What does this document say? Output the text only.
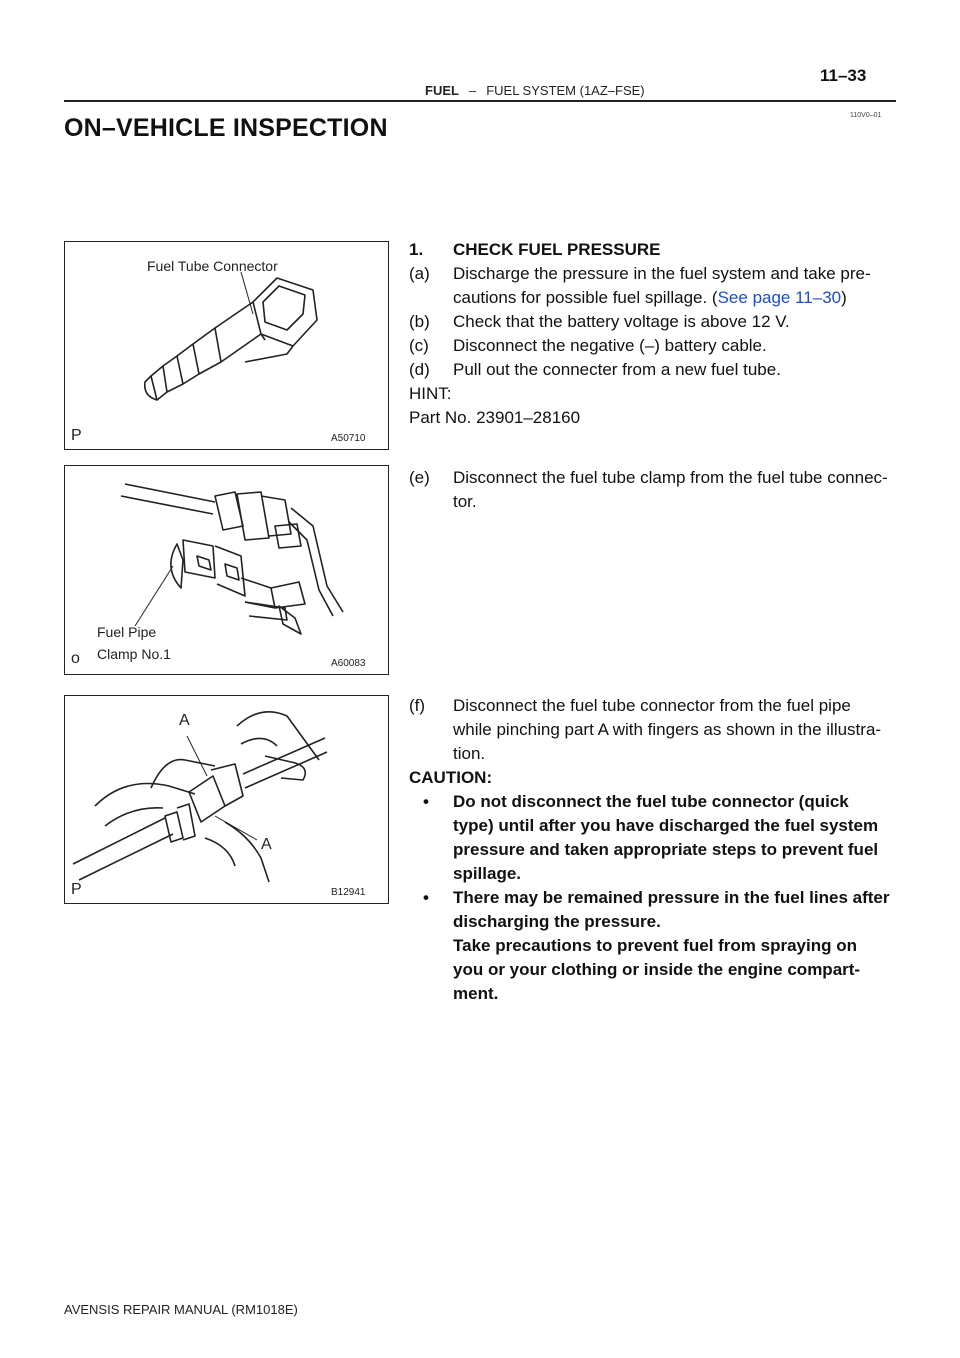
11–33
FUEL – FUEL SYSTEM (1AZ–FSE)
110V0–01
ON–VEHICLE INSPECTION
Fuel Tube Connector
P	A50710
Fuel Pipe
Clamp No.1
o	A60083
A
A
P	B12941
1.	CHECK FUEL PRESSURE
(a)	Discharge the pressure in the fuel system and take pre-
cautions for possible fuel spillage. (See page 11–30)
(b)	Check that the battery voltage is above 12 V.
(c)	Disconnect the negative (–) battery cable.
(d)	Pull out the connecter from a new fuel tube.
HINT:
Part No. 23901–28160
(e)	Disconnect the fuel tube clamp from the fuel tube connec-
tor.
(f)	Disconnect the fuel tube connector from the fuel pipe
while pinching part A with fingers as shown in the illustra-
tion.
CAUTION:
• Do not disconnect the fuel tube connector (quick
type) until after you have discharged the fuel system
pressure and taken appropriate steps to prevent fuel
spillage.
• There may be remained pressure in the fuel lines after
discharging the pressure.
Take precautions to prevent fuel from spraying on
you or your clothing or inside the engine compart-
ment.
AVENSIS REPAIR MANUAL (RM1018E)
